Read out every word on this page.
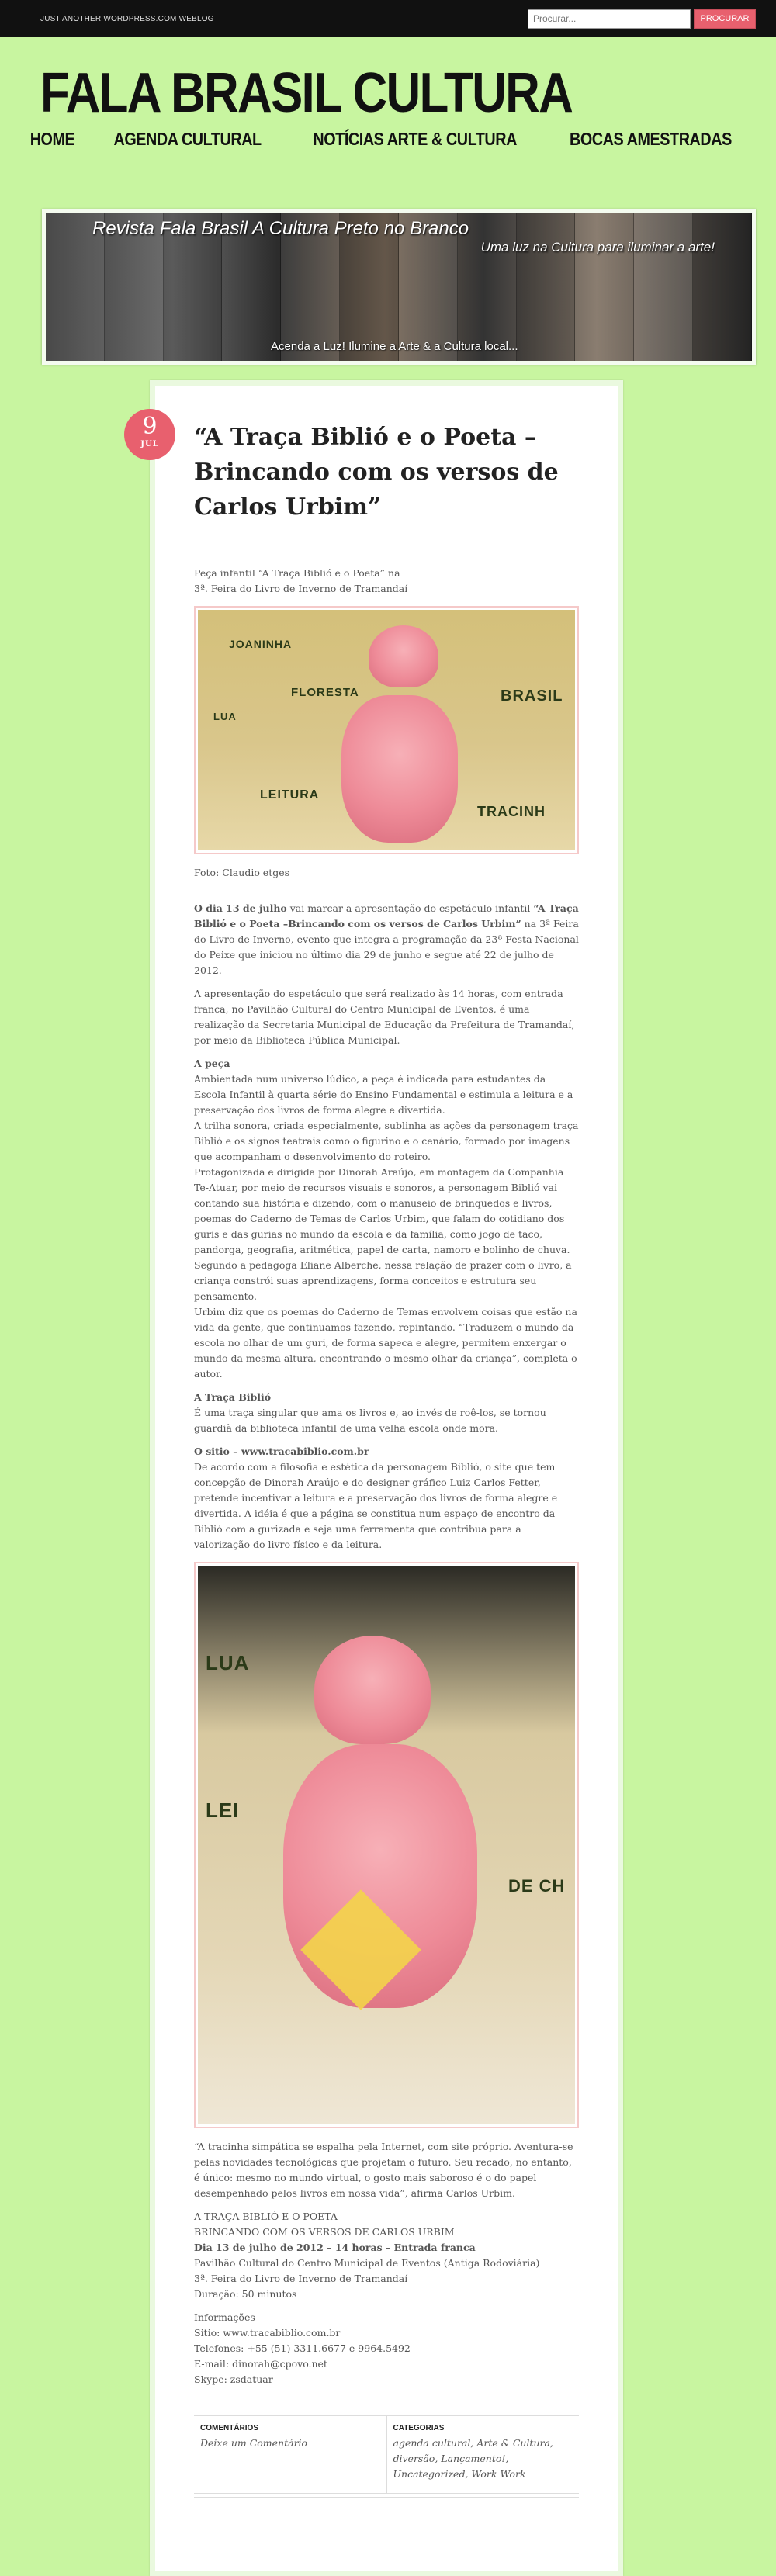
JUST ANOTHER WORDPRESS.COM WEBLOG
Procurar...	PROCURAR
FALA BRASIL CULTURA
HOME AGENDA CULTURAL	NOTÍCIAS ARTE & CULTURA	BOCAS AMESTRADAS
Revista Fala Brasil A Cultura Preto no Branco
Uma luz na Cultura para iluminar a arte!
Acenda a Luz! Ilumine a Arte & a Cultura local...
9
JUL	“A Traça Biblió e o Poeta – Brincando com os versos de Carlos Urbim”

Peça infantil “A Traça Biblió e o Poeta” na

3ª. Feira do Livro de Inverno de Tramandaí

JOANINHA
FLORESTA	BRASIL
LUA
LEITURA
TRACINH

Foto: Claudio etges

O dia 13 de julho vai marcar a apresentação do espetáculo infantil “A Traça Biblió e o Poeta –Brincando com os versos de Carlos Urbim” na 3ª Feira do Livro de Inverno, evento que integra a programação da 23ª Festa Nacional do Peixe que iniciou no último dia 29 de junho e segue até 22 de julho de 2012.

A apresentação do espetáculo que será realizado às 14 horas, com entrada franca, no Pavilhão Cultural do Centro Municipal de Eventos, é uma realização da Secretaria Municipal de Educação da Prefeitura de Tramandaí, por meio da Biblioteca Pública Municipal.

A peça

Ambientada num universo lúdico, a peça é indicada para estudantes da Escola Infantil à quarta série do Ensino Fundamental e estimula a leitura e a preservação dos livros de forma alegre e divertida.

A trilha sonora, criada especialmente, sublinha as ações da personagem traça Biblió e os signos teatrais como o figurino e o cenário, formado por imagens que acompanham o desenvolvimento do roteiro.

Protagonizada e dirigida por Dinorah Araújo, em montagem da Companhia Te-Atuar, por meio de recursos visuais e sonoros, a personagem Biblió vai contando sua história e dizendo, com o manuseio de brinquedos e livros, poemas do Caderno de Temas de Carlos Urbim, que falam do cotidiano dos guris e das gurias no mundo da escola e da família, como jogo de taco, pandorga, geografia, aritmética, papel de carta, namoro e bolinho de chuva.

Segundo a pedagoga Eliane Alberche, nessa relação de prazer com o livro, a criança constrói suas aprendizagens, forma conceitos e estrutura seu pensamento.

Urbim diz que os poemas do Caderno de Temas envolvem coisas que estão na vida da gente, que continuamos fazendo, repintando. “Traduzem o mundo da escola no olhar de um guri, de forma sapeca e alegre, permitem enxergar o mundo da mesma altura, encontrando o mesmo olhar da criança”, completa o autor.

A Traça Biblió

É uma traça singular que ama os livros e, ao invés de roê-los, se tornou guardiã da biblioteca infantil de uma velha escola onde mora.

O sitio – www.tracabiblio.com.br

De acordo com a filosofia e estética da personagem Biblió, o site que tem concepção de Dinorah Araújo e do designer gráfico Luiz Carlos Fetter, pretende incentivar a leitura e a preservação dos livros de forma alegre e divertida. A idéia é que a página se constitua num espaço de encontro da Biblió com a gurizada e seja uma ferramenta que contribua para a valorização do livro físico e da leitura.

LUA
LEI
DE CH

“A tracinha simpática se espalha pela Internet, com site próprio. Aventura-se pelas novidades tecnológicas que projetam o futuro. Seu recado, no entanto, é único: mesmo no mundo virtual, o gosto mais saboroso é o do papel desempenhado pelos livros em nossa vida”, afirma Carlos Urbim.

A TRAÇA BIBLIÓ E O POETA

BRINCANDO COM OS VERSOS DE CARLOS URBIM

Dia 13 de julho de 2012 – 14 horas – Entrada franca

Pavilhão Cultural do Centro Municipal de Eventos (Antiga Rodoviária)

3ª. Feira do Livro de Inverno de Tramandaí

Duração: 50 minutos

Informações

Sitio: www.tracabiblio.com.br

Telefones: +55 (51) 3311.6677 e 9964.5492

E-mail: dinorah@cpovo.net

Skype: zsdatuar

COMENTÁRIOS
Deixe um Comentário
CATEGORIAS
agenda cultural, Arte & Cultura, diversão, Lançamento!, Uncategorized, Work Work
